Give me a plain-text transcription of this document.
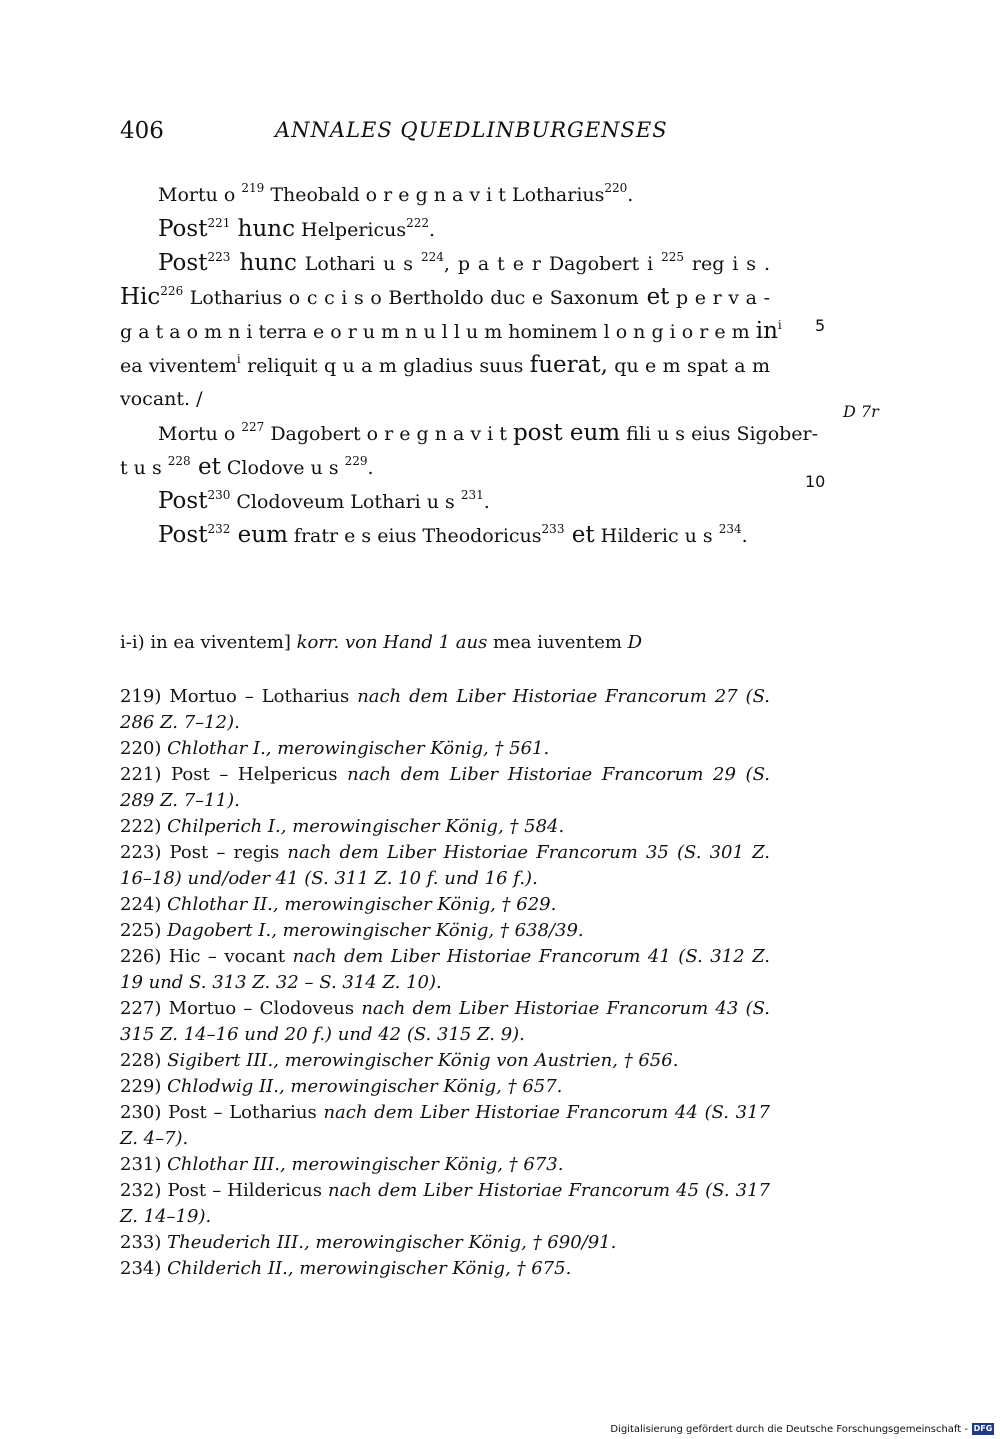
406	ANNALES QUEDLINBURGENSES
Mortu o $^{219}$ Theobald o r e g n a v i t Lotharius$^{220}$.
Post$^{221}$ hunc Helpericus$^{222}$.
Post$^{223}$ hunc Lothari u s $^{224}$, p a t e r Dagobert i $^{225}$ reg i s .
Hic$^{226}$ Lotharius o c c i s o Bertholdo duc e Saxonum et p e r v a -
g a t a o m n i terra e o r u m n u l l u m hominem l o n g i o r e m $in^i$
ea viventem$^i$ reliquit q u a m gladius suus fuerat, qu e m spat a m
vocant. /
Mortu o $^{227}$ Dagobert o r e g n a v i t post eum fili u s eius Sigober-
t u s $^{228}$ et Clodove u s $^{229}$.
Post$^{230}$ Clodoveum Lothari u s $^{231}$.
Post$^{232}$ eum fratr e s eius Theodoricus$^{233}$ et Hilderic u s $^{234}$.
5
D 7r
10
i-i) in ea viventem] korr. von Hand 1 aus mea iuventem D
219) Mortuo – Lotharius nach dem Liber Historiae Francorum 27 (S. 286 Z. 7–12).
220) Chlothar I., merowingischer König, † 561.
221) Post – Helpericus nach dem Liber Historiae Francorum 29 (S. 289 Z. 7–11).
222) Chilperich I., merowingischer König, † 584.
223) Post – regis nach dem Liber Historiae Francorum 35 (S. 301 Z. 16–18) und/oder 41 (S. 311 Z. 10 f. und 16 f.).
224) Chlothar II., merowingischer König, † 629.
225) Dagobert I., merowingischer König, † 638/39.
226) Hic – vocant nach dem Liber Historiae Francorum 41 (S. 312 Z. 19 und S. 313 Z. 32 – S. 314 Z. 10).
227) Mortuo – Clodoveus nach dem Liber Historiae Francorum 43 (S. 315 Z. 14–16 und 20 f.) und 42 (S. 315 Z. 9).
228) Sigibert III., merowingischer König von Austrien, † 656.
229) Chlodwig II., merowingischer König, † 657.
230) Post – Lotharius nach dem Liber Historiae Francorum 44 (S. 317 Z. 4–7).
231) Chlothar III., merowingischer König, † 673.
232) Post – Hildericus nach dem Liber Historiae Francorum 45 (S. 317 Z. 14–19).
233) Theuderich III., merowingischer König, † 690/91.
234) Childerich II., merowingischer König, † 675.
Digitalisierung gefördert durch die Deutsche Forschungsgemeinschaft - DFG
